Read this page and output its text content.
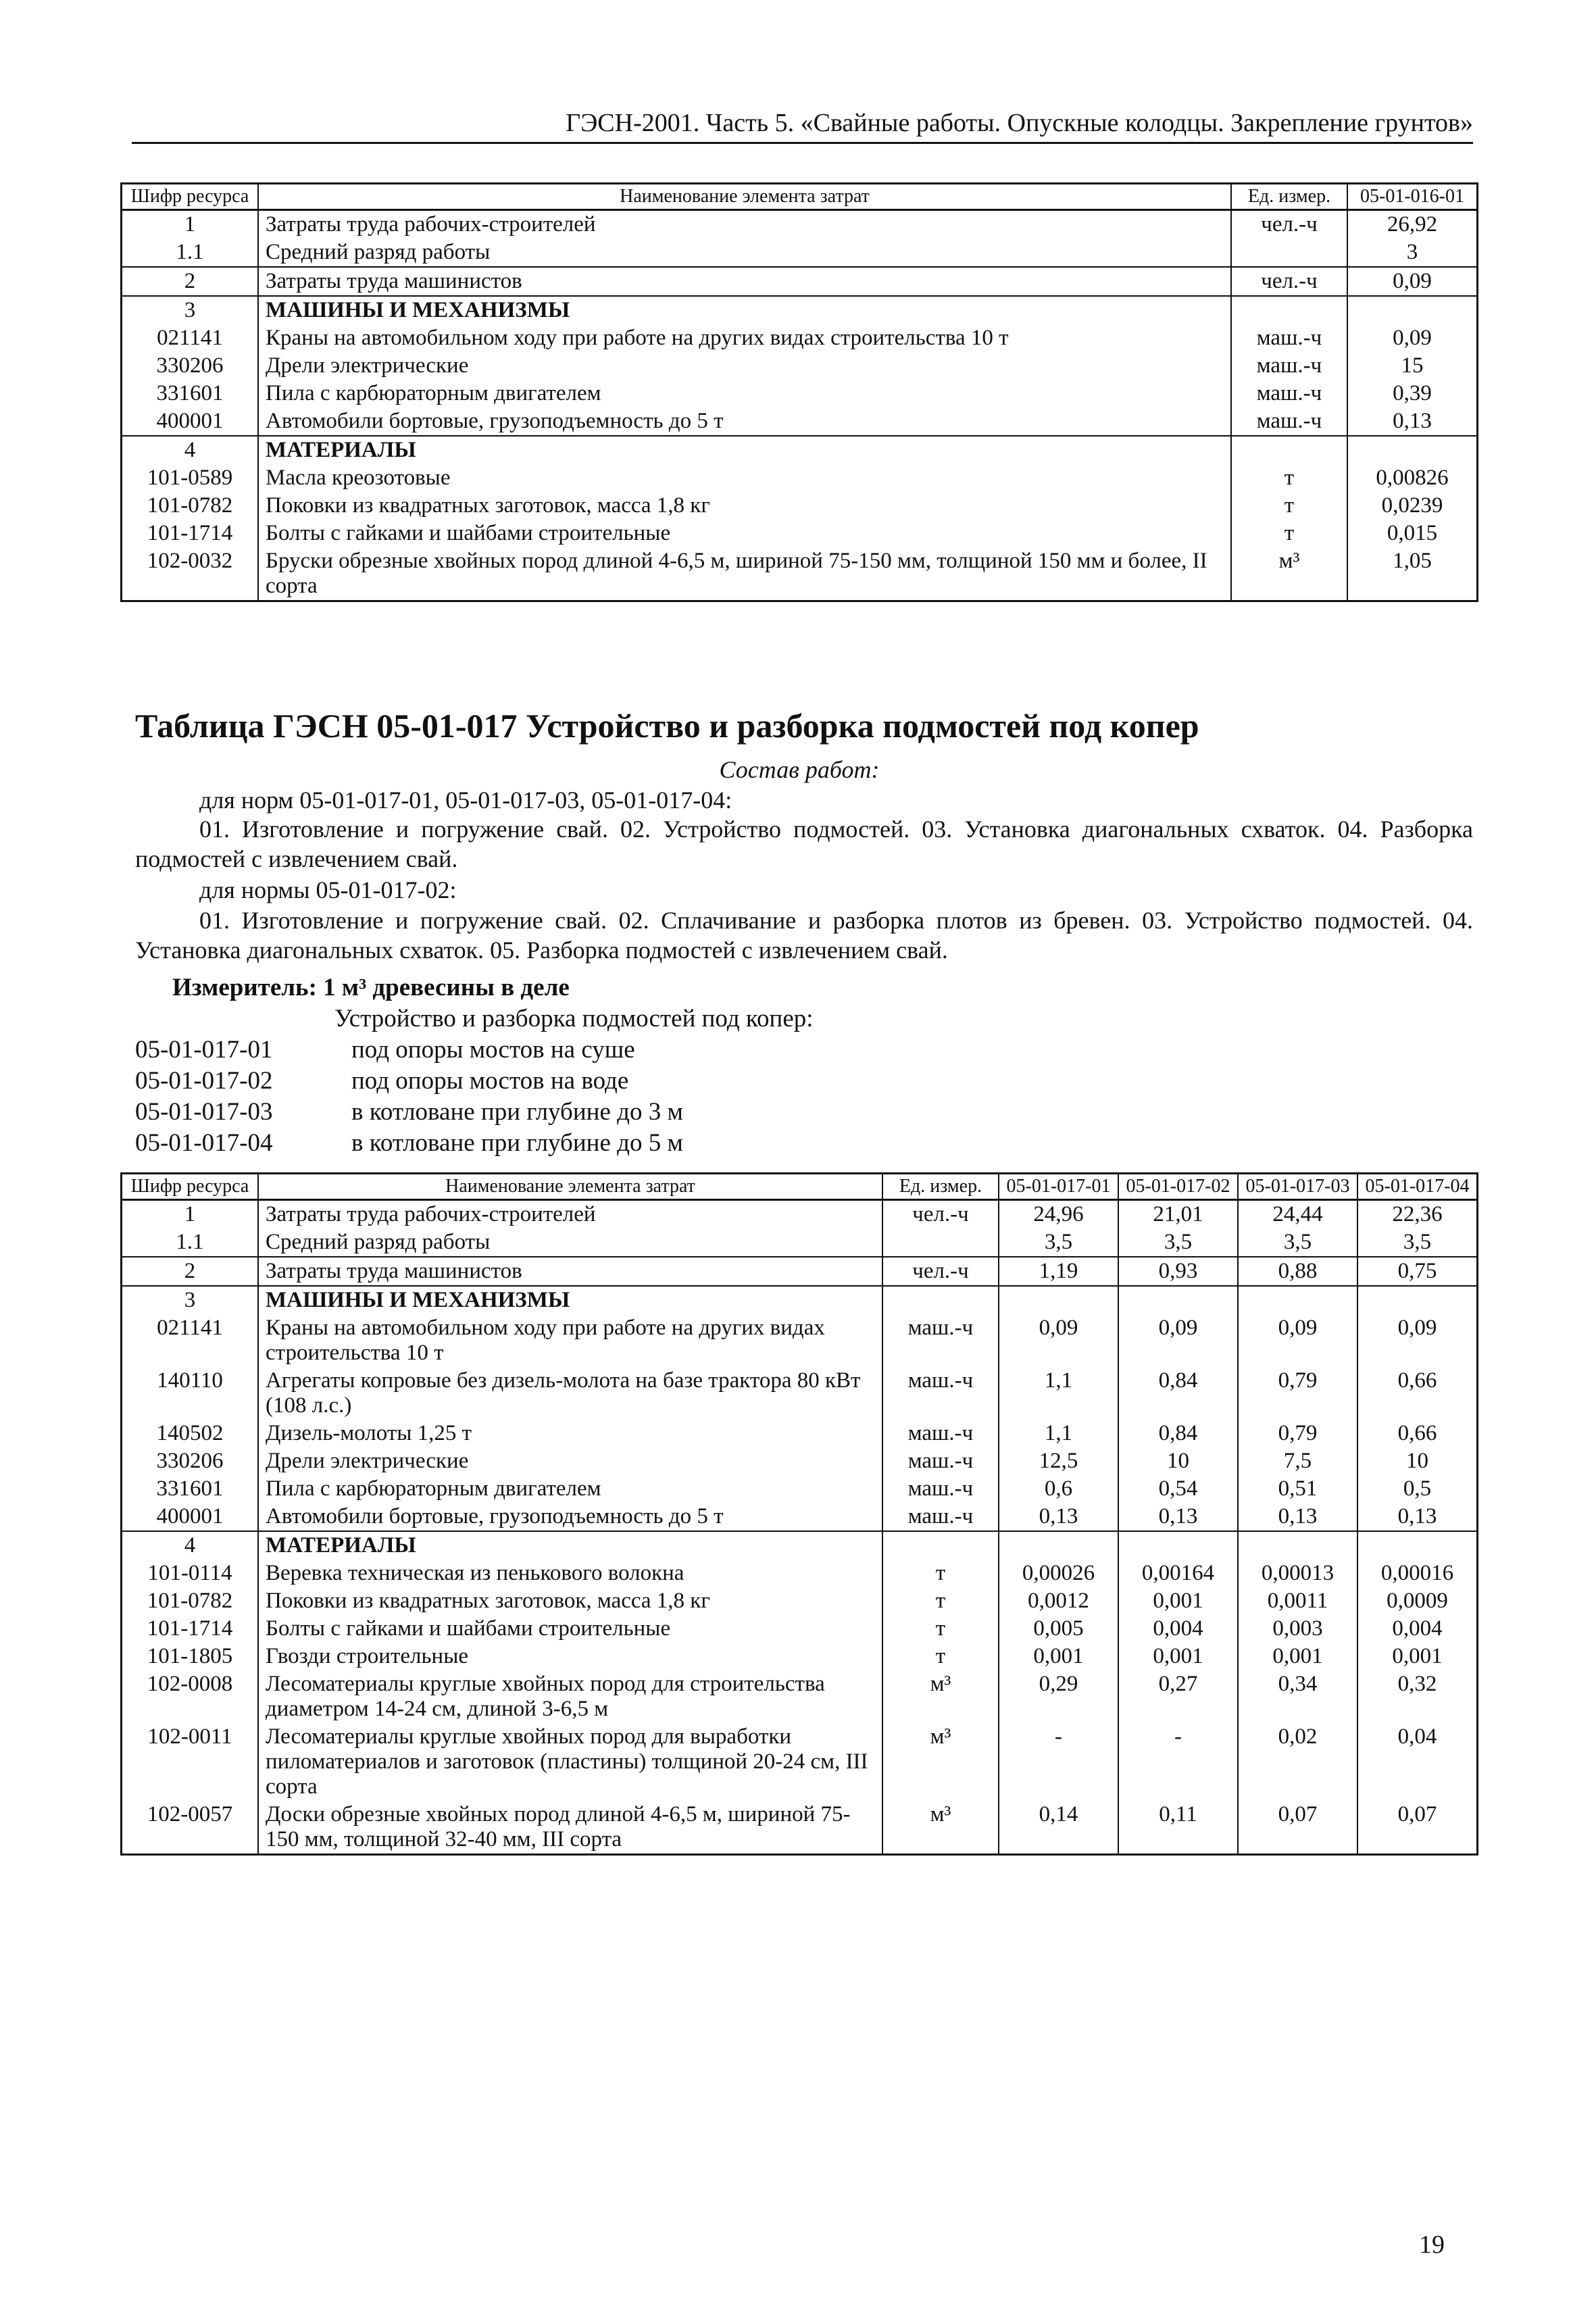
ГЭСН-2001. Часть 5. «Свайные работы. Опускные колодцы. Закрепление грунтов»
Шифр ресурса	Наименование элемента затрат	Ед. измер.	05-01-016-01
1	Затраты труда рабочих-строителей	чел.-ч	26,92
1.1	Средний разряд работы		3
2	Затраты труда машинистов	чел.-ч	0,09
3	МАШИНЫ И МЕХАНИЗМЫ		
021141	Краны на автомобильном ходу при работе на других видах строительства 10 т	маш.-ч	0,09
330206	Дрели электрические	маш.-ч	15
331601	Пила с карбюраторным двигателем	маш.-ч	0,39
400001	Автомобили бортовые, грузоподъемность до 5 т	маш.-ч	0,13
4	МАТЕРИАЛЫ		
101-0589	Масла креозотовые	т	0,00826
101-0782	Поковки из квадратных заготовок, масса 1,8 кг	т	0,0239
101-1714	Болты с гайками и шайбами строительные	т	0,015
102-0032	Бруски обрезные хвойных пород длиной 4-6,5 м, шириной 75-150 мм, толщиной 150 мм и более, II сорта	м³	1,05
Таблица ГЭСН 05-01-017 Устройство и разборка подмостей под копер
Состав работ:
для норм 05-01-017-01, 05-01-017-03, 05-01-017-04:
01. Изготовление и погружение свай. 02. Устройство подмостей. 03. Установка диагональных схваток. 04. Разборка подмостей с извлечением свай.
для нормы 05-01-017-02:
01. Изготовление и погружение свай. 02. Сплачивание и разборка плотов из бревен. 03. Устройство подмостей. 04. Установка диагональных схваток. 05. Разборка подмостей с извлечением свай.
Измеритель: 1 м³ древесины в деле
Устройство и разборка подмостей под копер:
05-01-017-01	под опоры мостов на суше
05-01-017-02	под опоры мостов на воде
05-01-017-03	в котловане при глубине до 3 м
05-01-017-04	в котловане при глубине до 5 м
Шифр ресурса	Наименование элемента затрат	Ед. измер.	05-01-017-01	05-01-017-02	05-01-017-03	05-01-017-04
1	Затраты труда рабочих-строителей	чел.-ч	24,96	21,01	24,44	22,36
1.1	Средний разряд работы		3,5	3,5	3,5	3,5
2	Затраты труда машинистов	чел.-ч	1,19	0,93	0,88	0,75
3	МАШИНЫ И МЕХАНИЗМЫ					
021141	Краны на автомобильном ходу при работе на других видах строительства 10 т	маш.-ч	0,09	0,09	0,09	0,09
140110	Агрегаты копровые без дизель-молота на базе трактора 80 кВт (108 л.с.)	маш.-ч	1,1	0,84	0,79	0,66
140502	Дизель-молоты 1,25 т	маш.-ч	1,1	0,84	0,79	0,66
330206	Дрели электрические	маш.-ч	12,5	10	7,5	10
331601	Пила с карбюраторным двигателем	маш.-ч	0,6	0,54	0,51	0,5
400001	Автомобили бортовые, грузоподъемность до 5 т	маш.-ч	0,13	0,13	0,13	0,13
4	МАТЕРИАЛЫ					
101-0114	Веревка техническая из пенькового волокна	т	0,00026	0,00164	0,00013	0,00016
101-0782	Поковки из квадратных заготовок, масса 1,8 кг	т	0,0012	0,001	0,0011	0,0009
101-1714	Болты с гайками и шайбами строительные	т	0,005	0,004	0,003	0,004
101-1805	Гвозди строительные	т	0,001	0,001	0,001	0,001
102-0008	Лесоматериалы круглые хвойных пород для строительства диаметром 14-24 см, длиной 3-6,5 м	м³	0,29	0,27	0,34	0,32
102-0011	Лесоматериалы круглые хвойных пород для выработки пиломатериалов и заготовок (пластины) толщиной 20-24 см, III сорта	м³	-	-	0,02	0,04
102-0057	Доски обрезные хвойных пород длиной 4-6,5 м, шириной 75-150 мм, толщиной 32-40 мм, III сорта	м³	0,14	0,11	0,07	0,07
19
